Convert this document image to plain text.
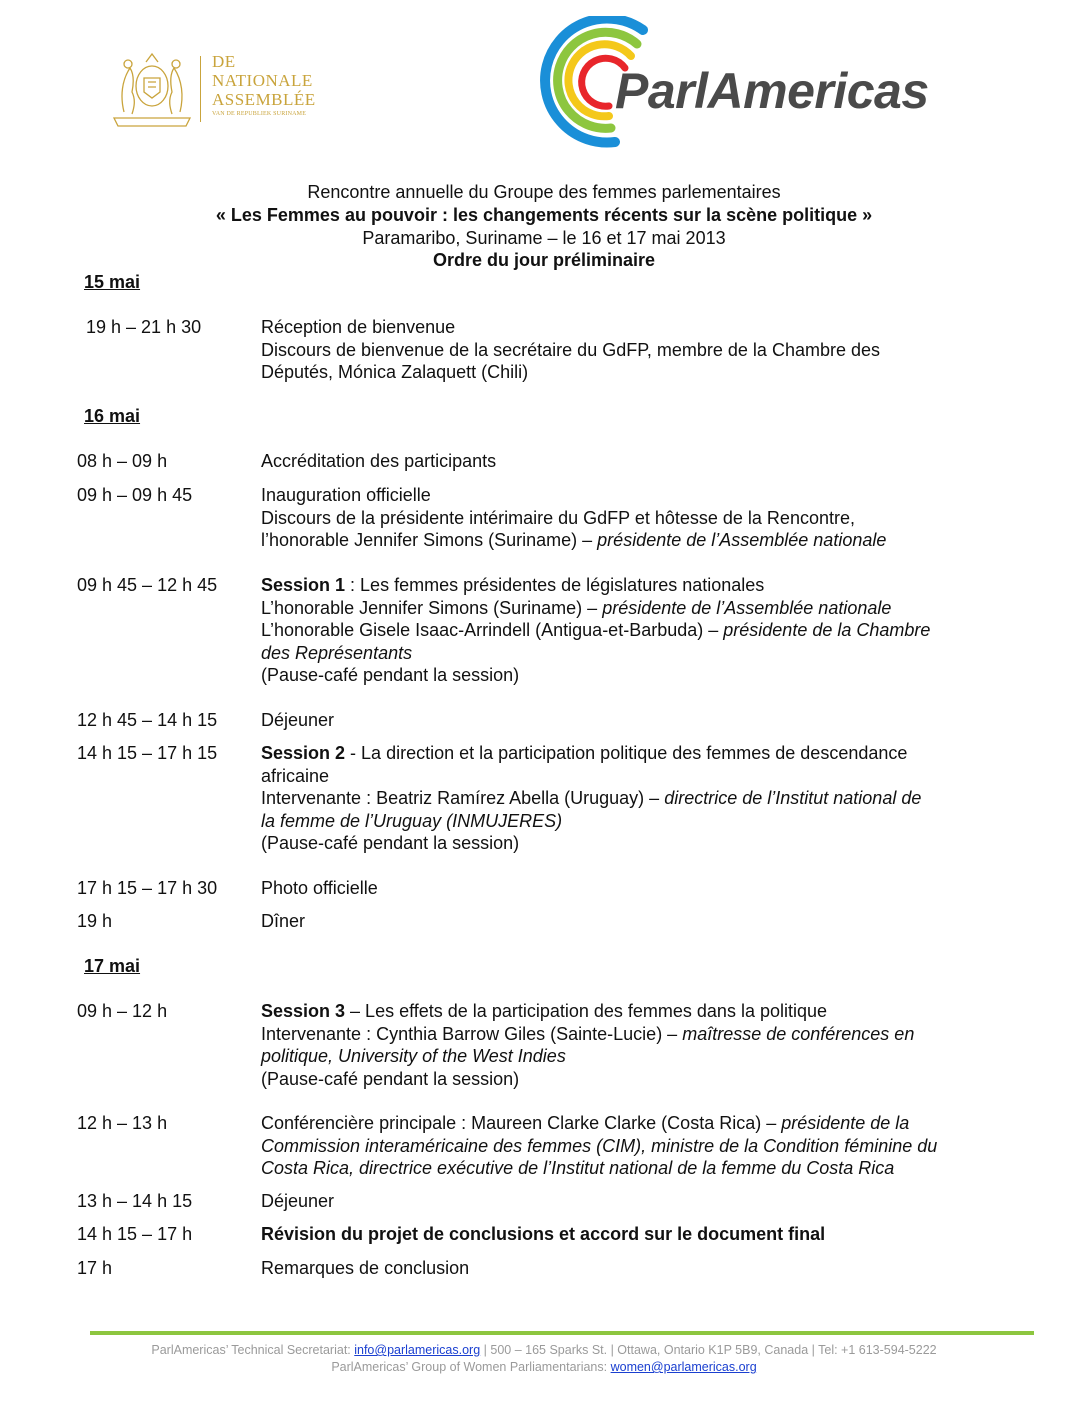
DE
NATIONALE
ASSEMBLÉE
VAN DE REPUBLIEK SURINAME	ParlAmericas
Rencontre annuelle du Groupe des femmes parlementaires
« Les Femmes au pouvoir : les changements récents sur la scène politique »
Paramaribo, Suriname – le 16 et 17 mai 2013
Ordre du jour préliminaire
15 mai
19 h – 21 h 30	Réception de bienvenue
Discours de bienvenue de la secrétaire du GdFP, membre de la Chambre des
Députés, Mónica Zalaquett (Chili)
16 mai
08 h – 09 h	Accréditation des participants
09 h – 09 h 45	Inauguration officielle
Discours de la présidente intérimaire du GdFP et hôtesse de la Rencontre,
l’honorable Jennifer Simons (Suriname) – présidente de l’Assemblée nationale
09 h 45 – 12 h 45 Session 1 : Les femmes présidentes de législatures nationales
L’honorable Jennifer Simons (Suriname) – présidente de l’Assemblée nationale
L’honorable Gisele Isaac-Arrindell (Antigua-et-Barbuda) – présidente de la Chambre
des Représentants
(Pause-café pendant la session)
12 h 45 – 14 h 15 Déjeuner
14 h 15 – 17 h 15 Session 2 - La direction et la participation politique des femmes de descendance
africaine
Intervenante : Beatriz Ramírez Abella (Uruguay) – directrice de l’Institut national de
la femme de l’Uruguay (INMUJERES)
(Pause-café pendant la session)
17 h 15 – 17 h 30 Photo officielle
19 h	Dîner
17 mai
09 h – 12 h	Session 3 – Les effets de la participation des femmes dans la politique
Intervenante : Cynthia Barrow Giles (Sainte-Lucie) – maîtresse de conférences en
politique, University of the West Indies
(Pause-café pendant la session)
12 h – 13 h	Conférencière principale : Maureen Clarke Clarke (Costa Rica) – présidente de la
Commission interaméricaine des femmes (CIM), ministre de la Condition féminine du
Costa Rica, directrice exécutive de l’Institut national de la femme du Costa Rica
13 h – 14 h 15	Déjeuner
14 h 15 – 17 h	Révision du projet de conclusions et accord sur le document final
17 h	Remarques de conclusion
ParlAmericas’ Technical Secretariat: info@parlamericas.org | 500 – 165 Sparks St. | Ottawa, Ontario K1P 5B9, Canada | Tel: +1 613-594-5222
ParlAmericas’ Group of Women Parliamentarians: women@parlamericas.org
